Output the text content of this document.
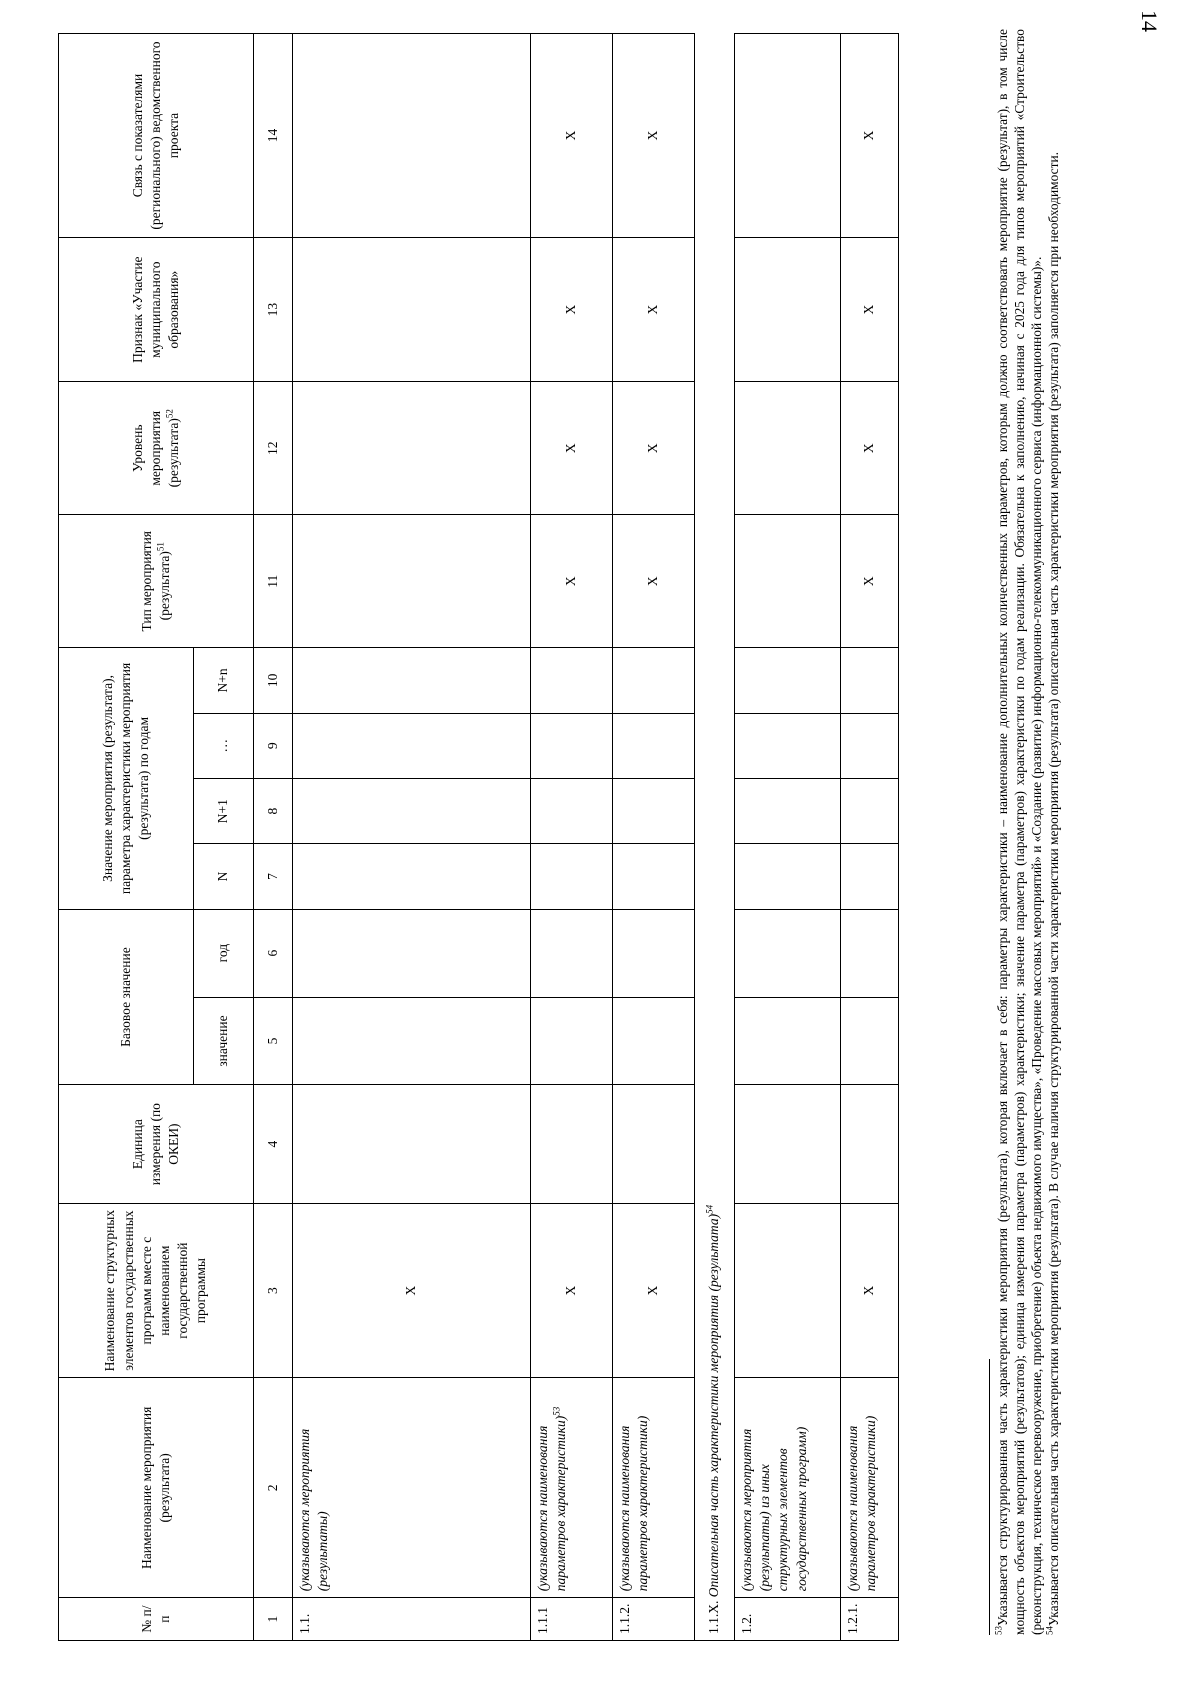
14
№ п/п	Наименование мероприятия (результата)	Наименование структурных элементов государственных программ вместе с наименованием государственной программы	Единица измерения (по ОКЕИ)	Базовое значение		Значение мероприятия (результата), параметра характеристики мероприятия (результата) по годам				Тип мероприятия (результата)$^{51}$	Уровень мероприятия (результата)$^{52}$	Признак «Участие муниципального образования»	Связь с показателями (регионального) ведомственного проекта

				значение	год	N	N+1	…	N+n				
1	2	3	4	5	6	7	8	9	10	11	12	13	14
1.1.	(указываются мероприятия (результаты)	X											
1.1.1	(указываются наименования параметров характеристики)$^{53}$	X								X	X	X	X
1.1.2.	(указываются наименования параметров характеристики)	X								X	X	X	X
1.1.X. Описательная часть характеристики мероприятия (результата)$^{54}$
1.2.	(указываются мероприятия (результаты) из иных структурных элементов государственных программ)												
1.2.1.	(указываются наименования параметров характеристики)	X								X	X	X	X

$^{53}$Указывается структурированная часть характеристики мероприятия (результата), которая включает в себя: параметры характеристики – наименование дополнительных количественных параметров, которым должно соответствовать мероприятие (результат), в том числе мощность объектов мероприятий (результатов); единица измерения параметра (параметров) характеристики; значение параметра (параметров) характеристики по годам реализации. Обязательна к заполнению, начиная с 2025 года для типов мероприятий «Строительство (реконструкция, техническое перевооружение, приобретение) объекта недвижимого имущества», «Проведение массовых мероприятий» и «Создание (развитие) информационно-телекоммуникационного сервиса (информационной системы)». $^{54}$Указывается описательная часть характеристики мероприятия (результата). В случае наличия структурированной части характеристики мероприятия (результата) описательная часть характеристики мероприятия (результата) заполняется при необходимости.
